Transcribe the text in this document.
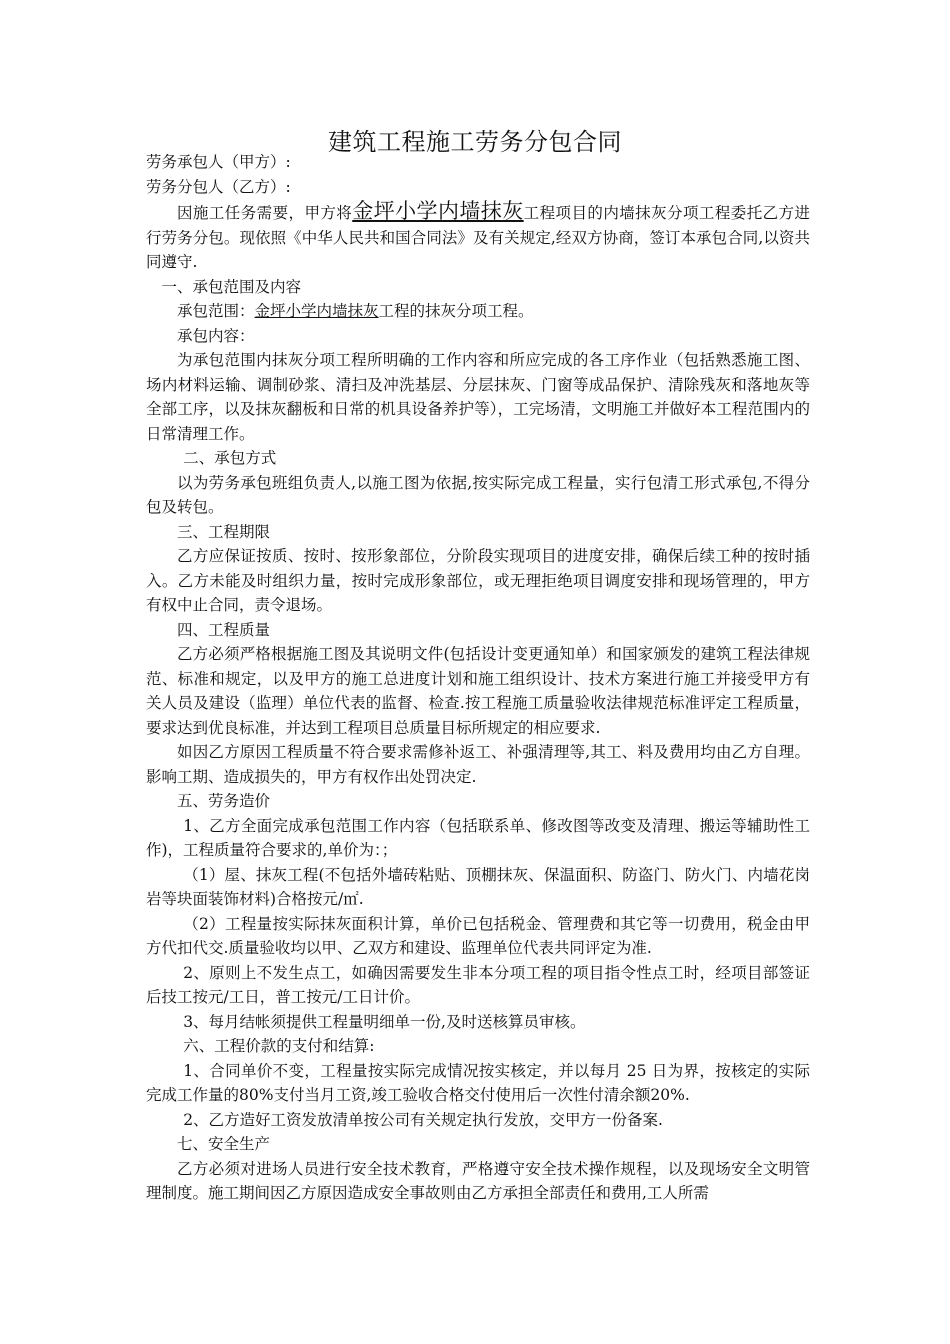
建筑工程施工劳务分包合同

劳务承包人（甲方）:

劳务分包人（乙方）:

因施工任务需要，甲方将金坪小学内墙抹灰工程项目的内墙抹灰分项工程委托乙方进行劳务分包。现依照《中华人民共和国合同法》及有关规定,经双方协商，签订本承包合同,以资共同遵守.

一、承包范围及内容

承包范围：金坪小学内墙抹灰工程的抹灰分项工程。

承包内容：

为承包范围内抹灰分项工程所明确的工作内容和所应完成的各工序作业（包括熟悉施工图、场内材料运输、调制砂浆、清扫及冲洗基层、分层抹灰、门窗等成品保护、清除残灰和落地灰等全部工序，以及抹灰翻板和日常的机具设备养护等），工完场清，文明施工并做好本工程范围内的日常清理工作。

二、承包方式

以为劳务承包班组负责人,以施工图为依据,按实际完成工程量，实行包清工形式承包,不得分包及转包。

三、工程期限

乙方应保证按质、按时、按形象部位，分阶段实现项目的进度安排，确保后续工种的按时插入。乙方未能及时组织力量，按时完成形象部位，或无理拒绝项目调度安排和现场管理的，甲方有权中止合同，责令退场。

四、工程质量

乙方必须严格根据施工图及其说明文件(包括设计变更通知单）和国家颁发的建筑工程法律规范、标准和规定，以及甲方的施工总进度计划和施工组织设计、技术方案进行施工并接受甲方有关人员及建设（监理）单位代表的监督、检查.按工程施工质量验收法律规范标准评定工程质量，要求达到优良标准，并达到工程项目总质量目标所规定的相应要求.

如因乙方原因工程质量不符合要求需修补返工、补强清理等,其工、料及费用均由乙方自理。影响工期、造成损失的，甲方有权作出处罚决定.

五、劳务造价

1、乙方全面完成承包范围工作内容（包括联系单、修改图等改变及清理、搬运等辅助性工作)，工程质量符合要求的,单价为：；

（1）屋、抹灰工程(不包括外墙砖粘贴、顶棚抹灰、保温面积、防盗门、防火门、内墙花岗岩等块面装饰材料)合格按元/㎡.

（2）工程量按实际抹灰面积计算，单价已包括税金、管理费和其它等一切费用，税金由甲方代扣代交.质量验收均以甲、乙双方和建设、监理单位代表共同评定为准.

2、原则上不发生点工，如确因需要发生非本分项工程的项目指令性点工时，经项目部签证后技工按元/工日，普工按元/工日计价。

3、每月结帐须提供工程量明细单一份,及时送核算员审核。

六、工程价款的支付和结算:

1、合同单价不变，工程量按实际完成情况按实核定，并以每月 25 日为界，按核定的实际完成工作量的80%支付当月工资,竣工验收合格交付使用后一次性付清余额20%.

2、乙方造好工资发放清单按公司有关规定执行发放，交甲方一份备案.

七、安全生产

乙方必须对进场人员进行安全技术教育，严格遵守安全技术操作规程，以及现场安全文明管理制度。施工期间因乙方原因造成安全事故则由乙方承担全部责任和费用,工人所需
